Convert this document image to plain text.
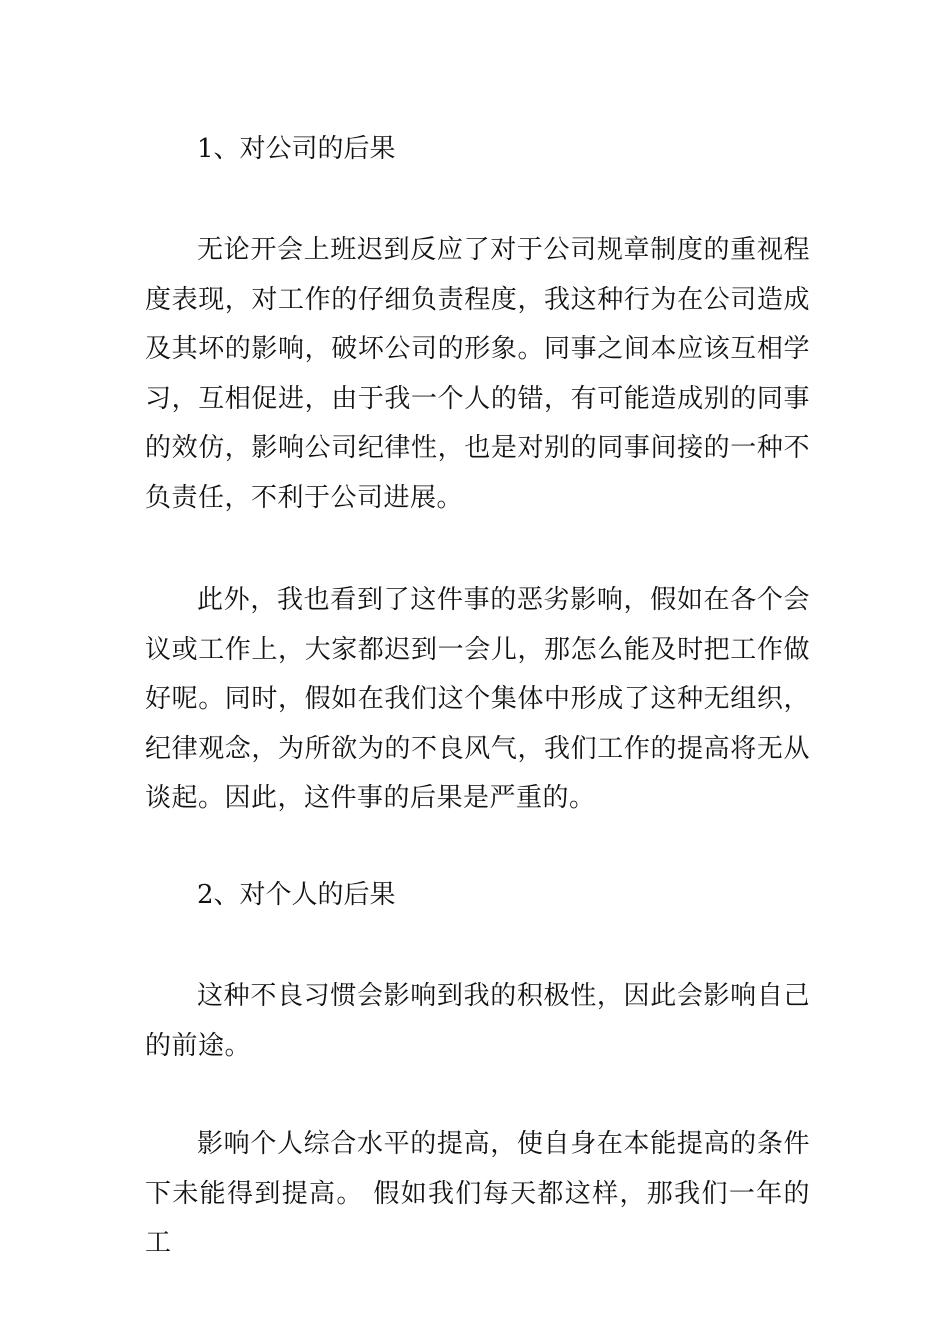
1、对公司的后果

无论开会上班迟到反应了对于公司规章制度的重视程度表现，对工作的仔细负责程度，我这种行为在公司造成及其坏的影响，破坏公司的形象。同事之间本应该互相学习，互相促进，由于我一个人的错，有可能造成别的同事的效仿，影响公司纪律性，也是对别的同事间接的一种不负责任，不利于公司进展。

此外，我也看到了这件事的恶劣影响，假如在各个会议或工作上，大家都迟到一会儿，那怎么能及时把工作做好呢。同时，假如在我们这个集体中形成了这种无组织，纪律观念，为所欲为的不良风气，我们工作的提高将无从谈起。因此，这件事的后果是严重的。

2、对个人的后果

这种不良习惯会影响到我的积极性，因此会影响自己的前途。

影响个人综合水平的提高，使自身在本能提高的条件下未能得到提高。 假如我们每天都这样，那我们一年的工
